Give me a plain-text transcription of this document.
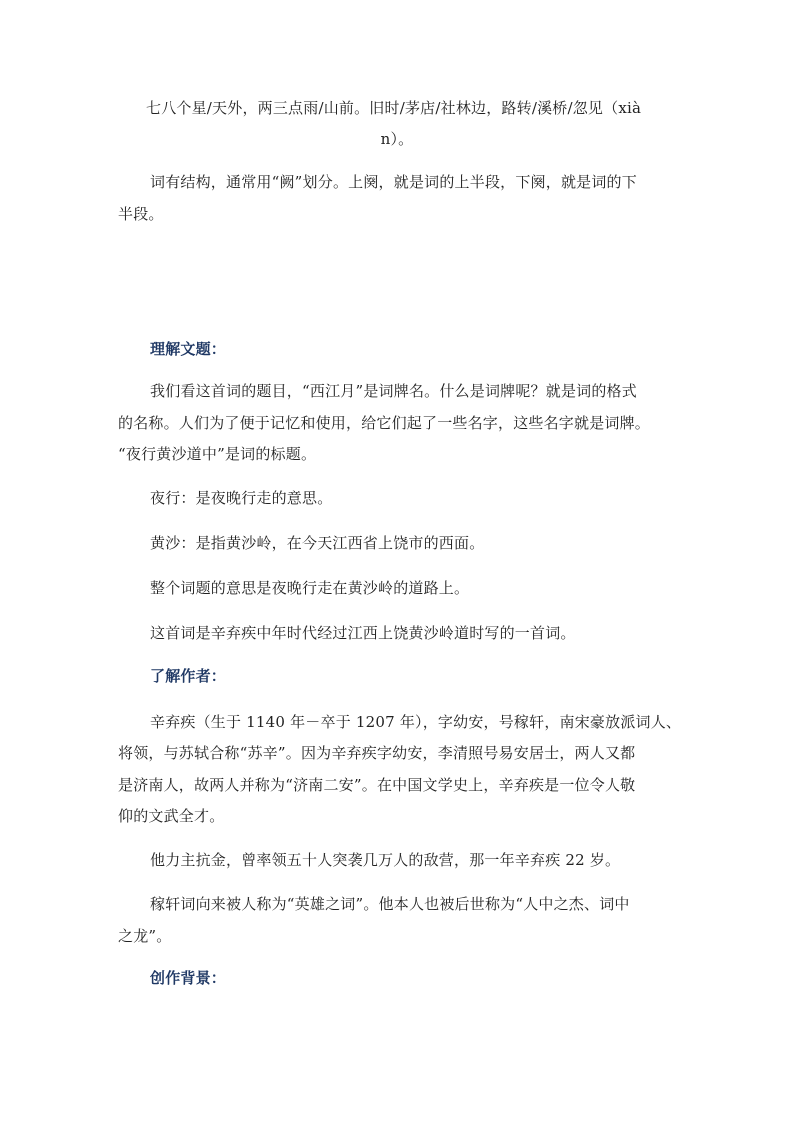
七八个星/天外，两三点雨/山前。旧时/茅店/社林边，路转/溪桥/忽见（xià
n）。
词有结构，通常用“阙”划分。上阕，就是词的上半段，下阕，就是词的下
半段。
理解文题：
我们看这首词的题目，“西江月”是词牌名。什么是词牌呢？就是词的格式
的名称。人们为了便于记忆和使用，给它们起了一些名字，这些名字就是词牌。
“夜行黄沙道中”是词的标题。
夜行：是夜晚行走的意思。
黄沙：是指黄沙岭，在今天江西省上饶市的西面。
整个词题的意思是夜晚行走在黄沙岭的道路上。
这首词是辛弃疾中年时代经过江西上饶黄沙岭道时写的一首词。
了解作者：
辛弃疾（生于 1140 年－卒于 1207 年），字幼安，号稼轩，南宋豪放派词人、
将领，与苏轼合称“苏辛”。因为辛弃疾字幼安，李清照号易安居士，两人又都
是济南人，故两人并称为“济南二安”。在中国文学史上，辛弃疾是一位令人敬
仰的文武全才。
他力主抗金，曾率领五十人突袭几万人的敌营，那一年辛弃疾 22 岁。
稼轩词向来被人称为“英雄之词”。他本人也被后世称为“人中之杰、词中
之龙”。
创作背景：
